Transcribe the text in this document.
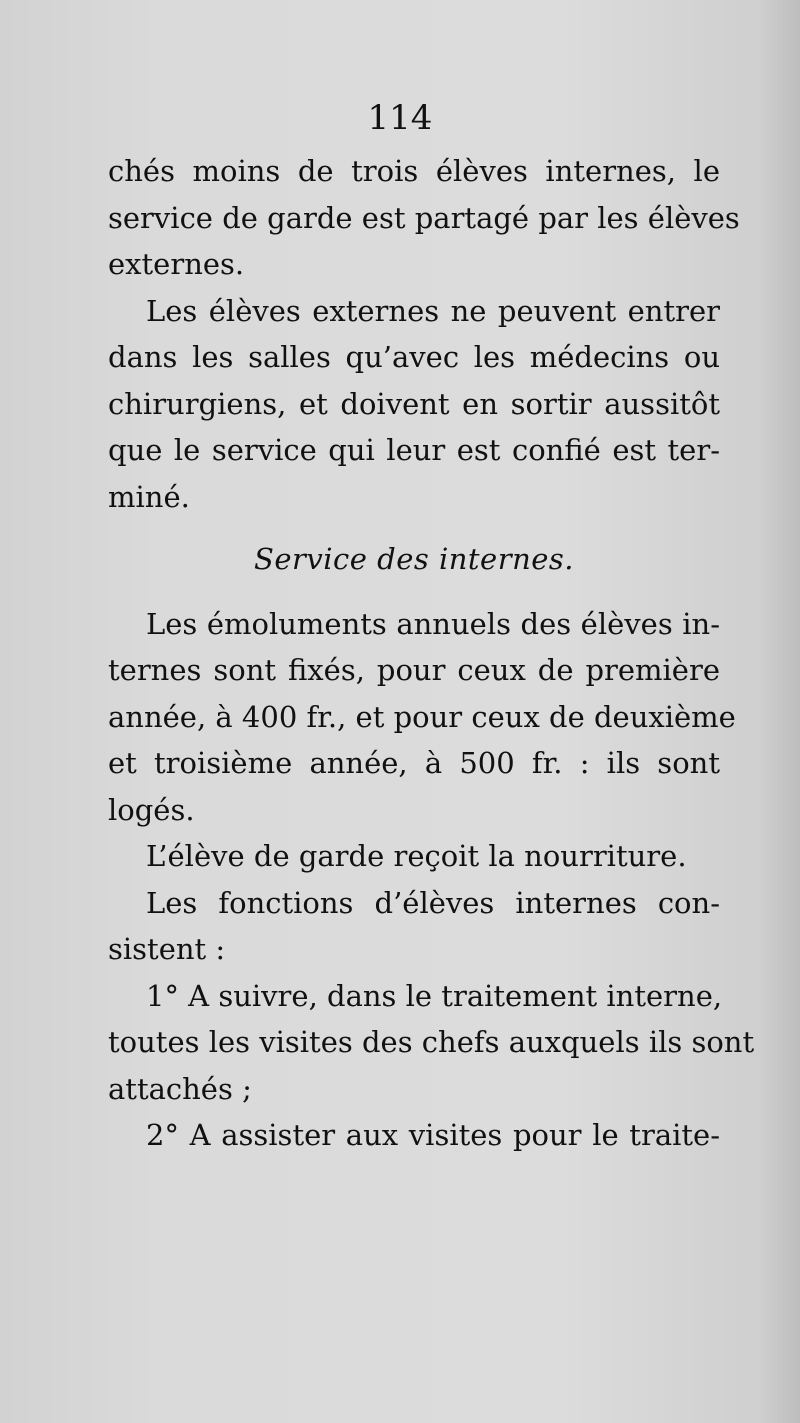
114
chés moins de trois élèves internes, le
service de garde est partagé par les élèves
externes.
Les élèves externes ne peuvent entrer
dans les salles qu’avec les médecins ou
chirurgiens, et doivent en sortir aussitôt
que le service qui leur est confié est ter-
miné.
Service des internes.
Les émoluments annuels des élèves in-
ternes sont fixés, pour ceux de première
année, à 400 fr., et pour ceux de deuxième
et troisième année, à 500 fr. : ils sont
logés.
L’élève de garde reçoit la nourriture.
Les fonctions d’élèves internes con-
sistent :
1° A suivre, dans le traitement interne,
toutes les visites des chefs auxquels ils sont
attachés ;
2° A assister aux visites pour le traite-
